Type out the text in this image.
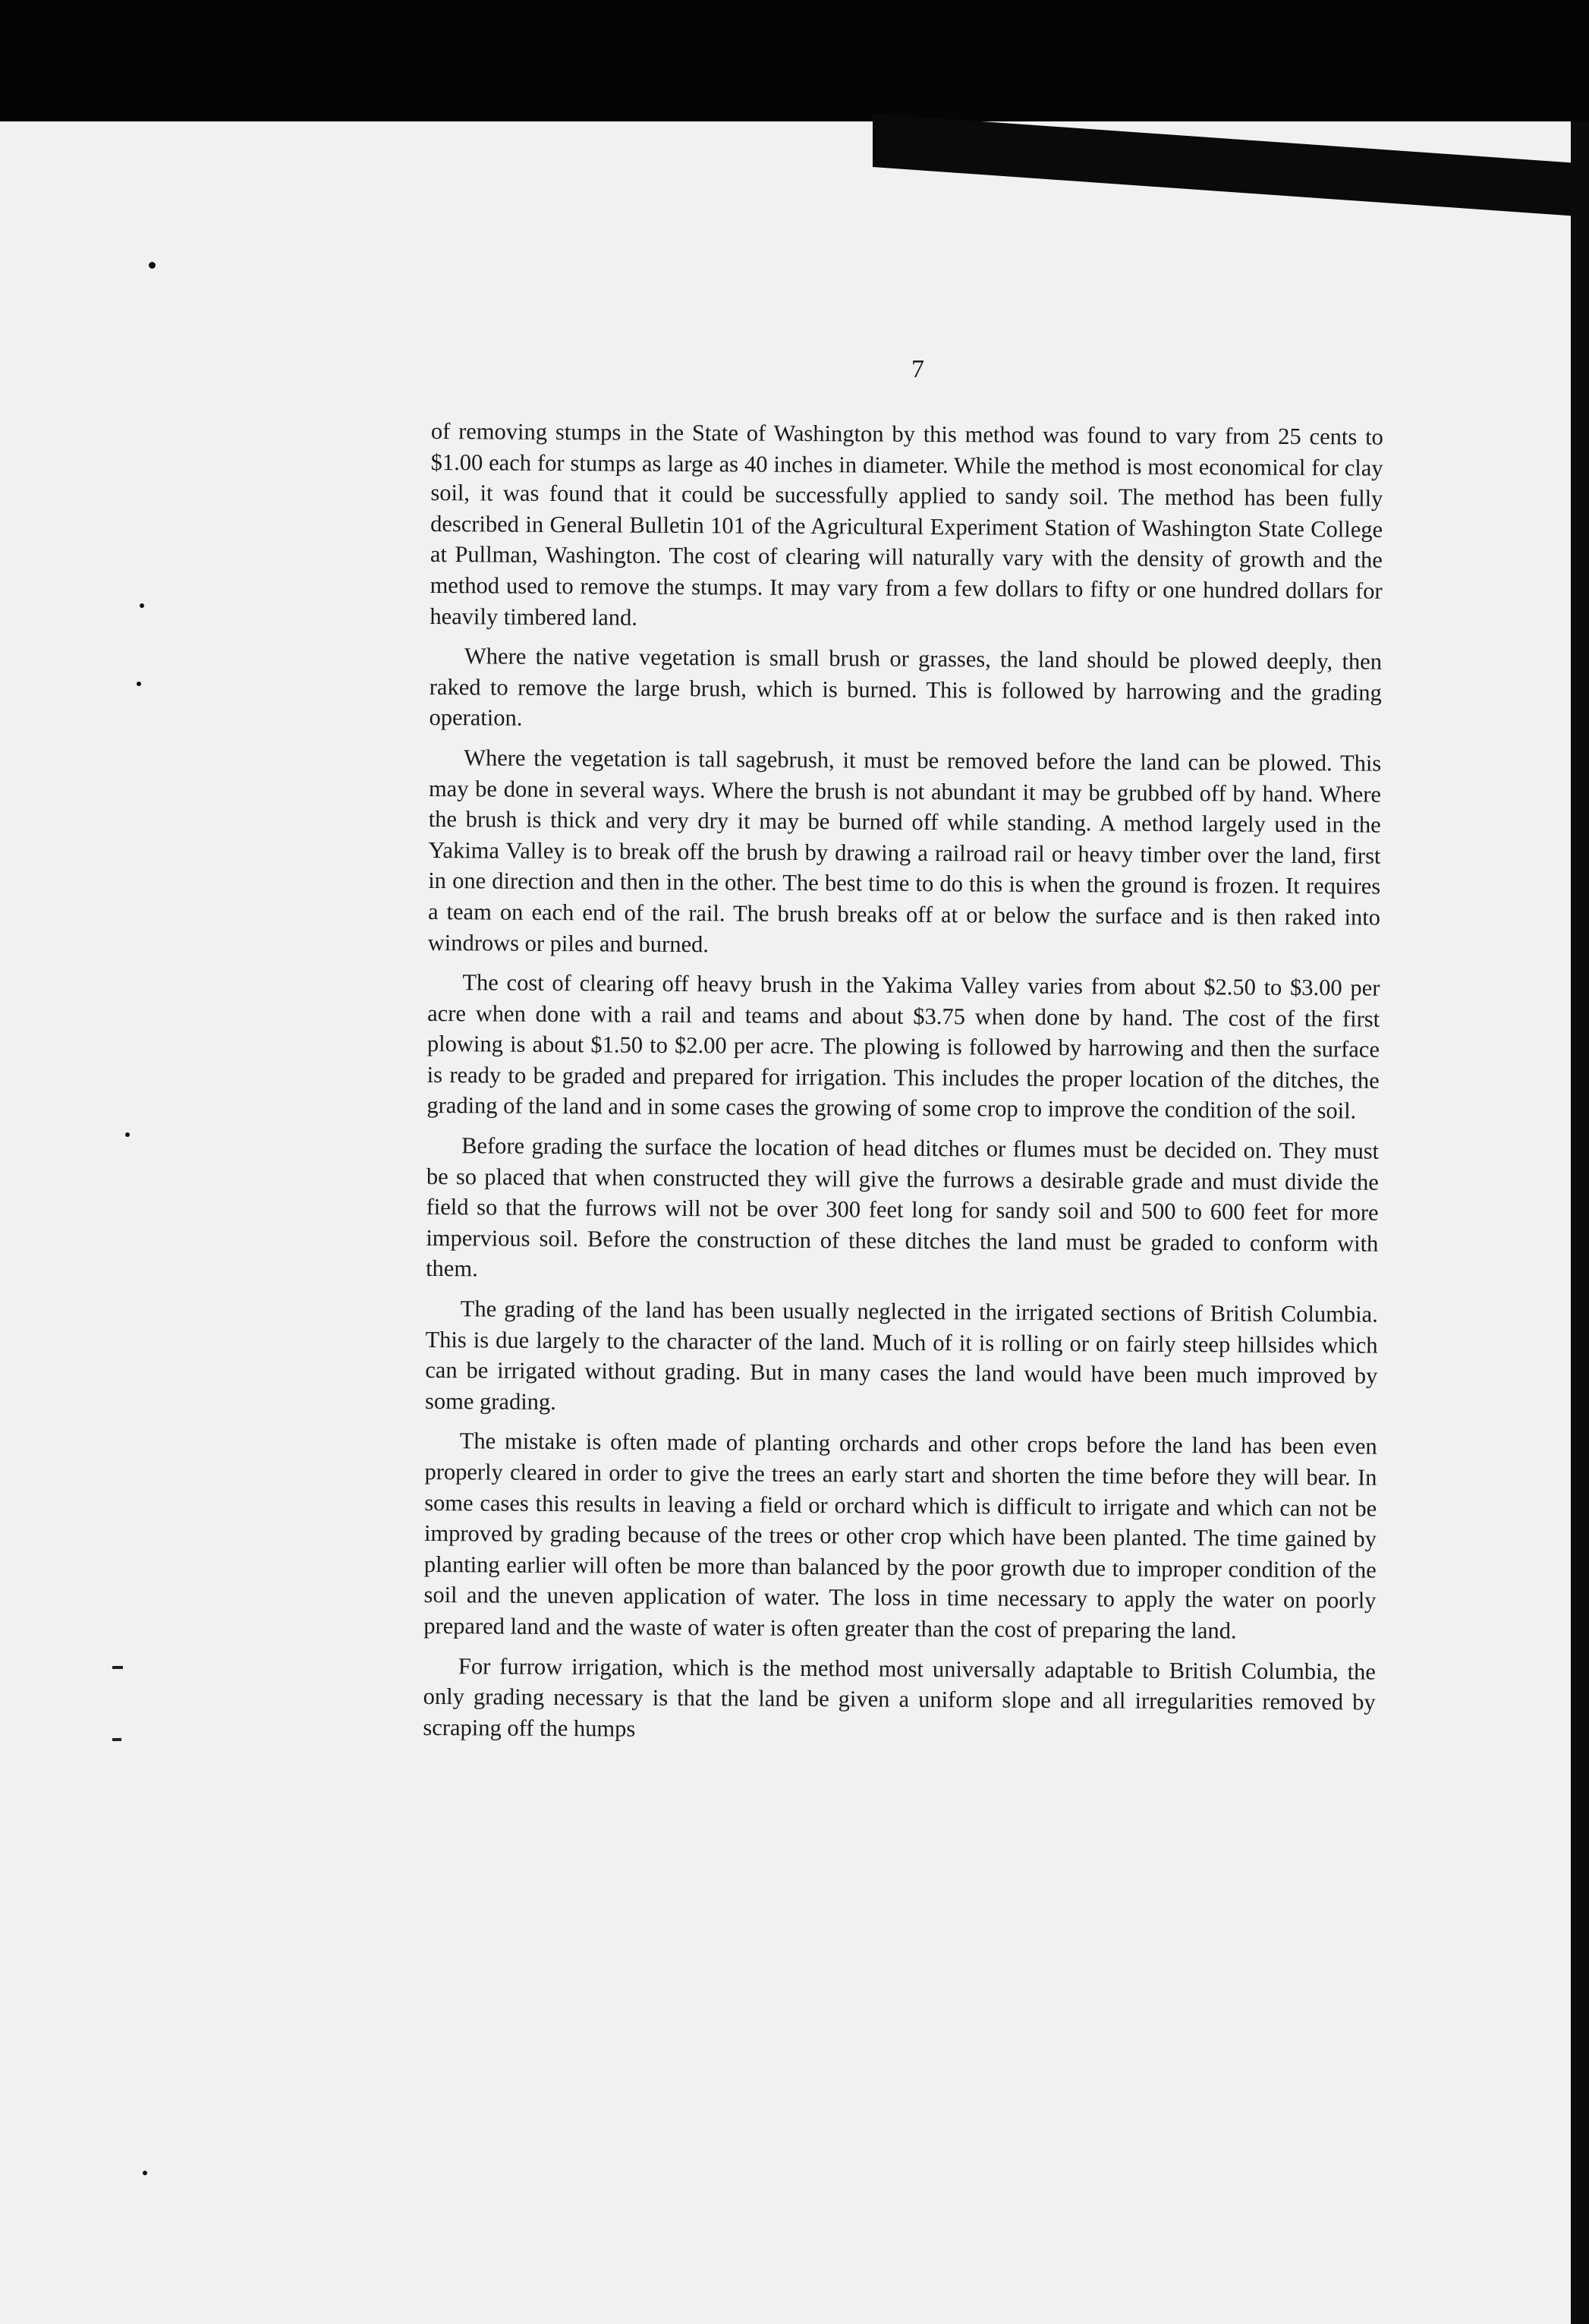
7

of removing stumps in the State of Washington by this method was found to vary from 25 cents to $1.00 each for stumps as large as 40 inches in diameter. While the method is most economical for clay soil, it was found that it could be successfully applied to sandy soil. The method has been fully described in General Bulletin 101 of the Agricultural Experiment Station of Washington State College at Pullman, Washington. The cost of clearing will naturally vary with the density of growth and the method used to remove the stumps. It may vary from a few dollars to fifty or one hundred dollars for heavily timbered land.

Where the native vegetation is small brush or grasses, the land should be plowed deeply, then raked to remove the large brush, which is burned. This is followed by harrowing and the grading operation.

Where the vegetation is tall sagebrush, it must be removed before the land can be plowed. This may be done in several ways. Where the brush is not abundant it may be grubbed off by hand. Where the brush is thick and very dry it may be burned off while standing. A method largely used in the Yakima Valley is to break off the brush by drawing a railroad rail or heavy timber over the land, first in one direction and then in the other. The best time to do this is when the ground is frozen. It requires a team on each end of the rail. The brush breaks off at or below the surface and is then raked into windrows or piles and burned.

The cost of clearing off heavy brush in the Yakima Valley varies from about $2.50 to $3.00 per acre when done with a rail and teams and about $3.75 when done by hand. The cost of the first plowing is about $1.50 to $2.00 per acre. The plowing is followed by harrowing and then the surface is ready to be graded and prepared for irrigation. This includes the proper location of the ditches, the grading of the land and in some cases the growing of some crop to improve the condition of the soil.

Before grading the surface the location of head ditches or flumes must be decided on. They must be so placed that when constructed they will give the furrows a desirable grade and must divide the field so that the furrows will not be over 300 feet long for sandy soil and 500 to 600 feet for more impervious soil. Before the construction of these ditches the land must be graded to conform with them.

The grading of the land has been usually neglected in the irrigated sections of British Columbia. This is due largely to the character of the land. Much of it is rolling or on fairly steep hillsides which can be irrigated without grading. But in many cases the land would have been much improved by some grading.

The mistake is often made of planting orchards and other crops before the land has been even properly cleared in order to give the trees an early start and shorten the time before they will bear. In some cases this results in leaving a field or orchard which is difficult to irrigate and which can not be improved by grading because of the trees or other crop which have been planted. The time gained by planting earlier will often be more than balanced by the poor growth due to improper condition of the soil and the uneven application of water. The loss in time necessary to apply the water on poorly prepared land and the waste of water is often greater than the cost of preparing the land.

For furrow irrigation, which is the method most universally adaptable to British Columbia, the only grading necessary is that the land be given a uniform slope and all irregularities removed by scraping off the humps
